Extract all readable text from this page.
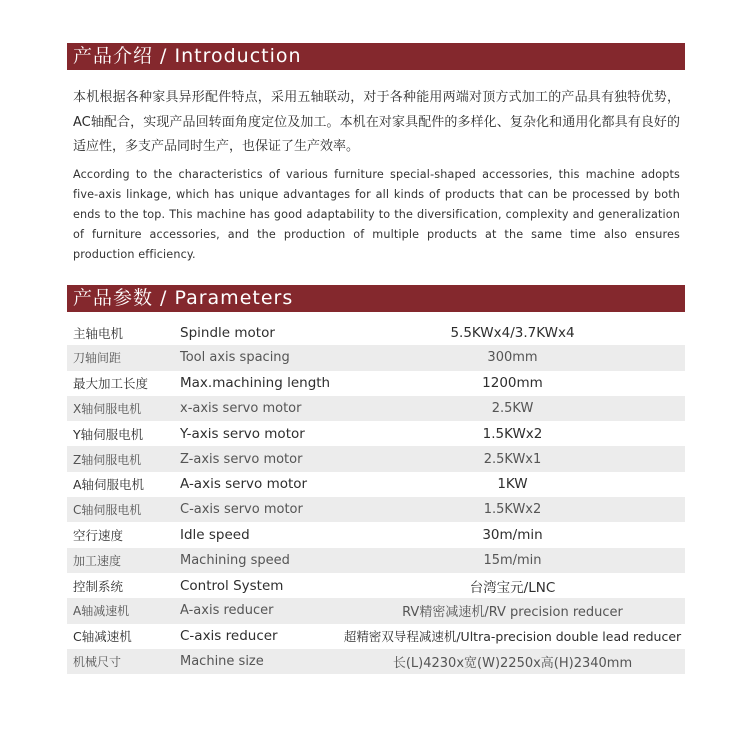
产品介绍 / Introduction

本机根据各种家具异形配件特点，采用五轴联动，对于各种能用两端对顶方式加工的产品具有独特优势，AC轴配合，实现产品回转面角度定位及加工。本机在对家具配件的多样化、复杂化和通用化都具有良好的适应性，多支产品同时生产，也保证了生产效率。

According to the characteristics of various furniture special-shaped accessories, this machine adopts five-axis linkage, which has unique advantages for all kinds of products that can be processed by both ends to the top. This machine has good adaptability to the diversification, complexity and generalization of furniture accessories, and the production of multiple products at the same time also ensures production efficiency.

产品参数 / Parameters
主轴电机	Spindle motor	5.5KWx4/3.7KWx4
刀轴间距	Tool axis spacing	300mm
最大加工长度	Max.machining length	1200mm
X轴伺服电机	x-axis servo motor	2.5KW
Y轴伺服电机	Y-axis servo motor	1.5KWx2
Z轴伺服电机	Z-axis servo motor	2.5KWx1
A轴伺服电机	A-axis servo motor	1KW
C轴伺服电机	C-axis servo motor	1.5KWx2
空行速度	Idle speed	30m/min
加工速度	Machining speed	15m/min
控制系统	Control System	台湾宝元/LNC
A轴减速机	A-axis reducer	RV精密减速机/RV precision reducer
C轴减速机	C-axis reducer	超精密双导程减速机/Ultra-precision double lead reducer
机械尺寸	Machine size	长(L)4230x宽(W)2250x高(H)2340mm
